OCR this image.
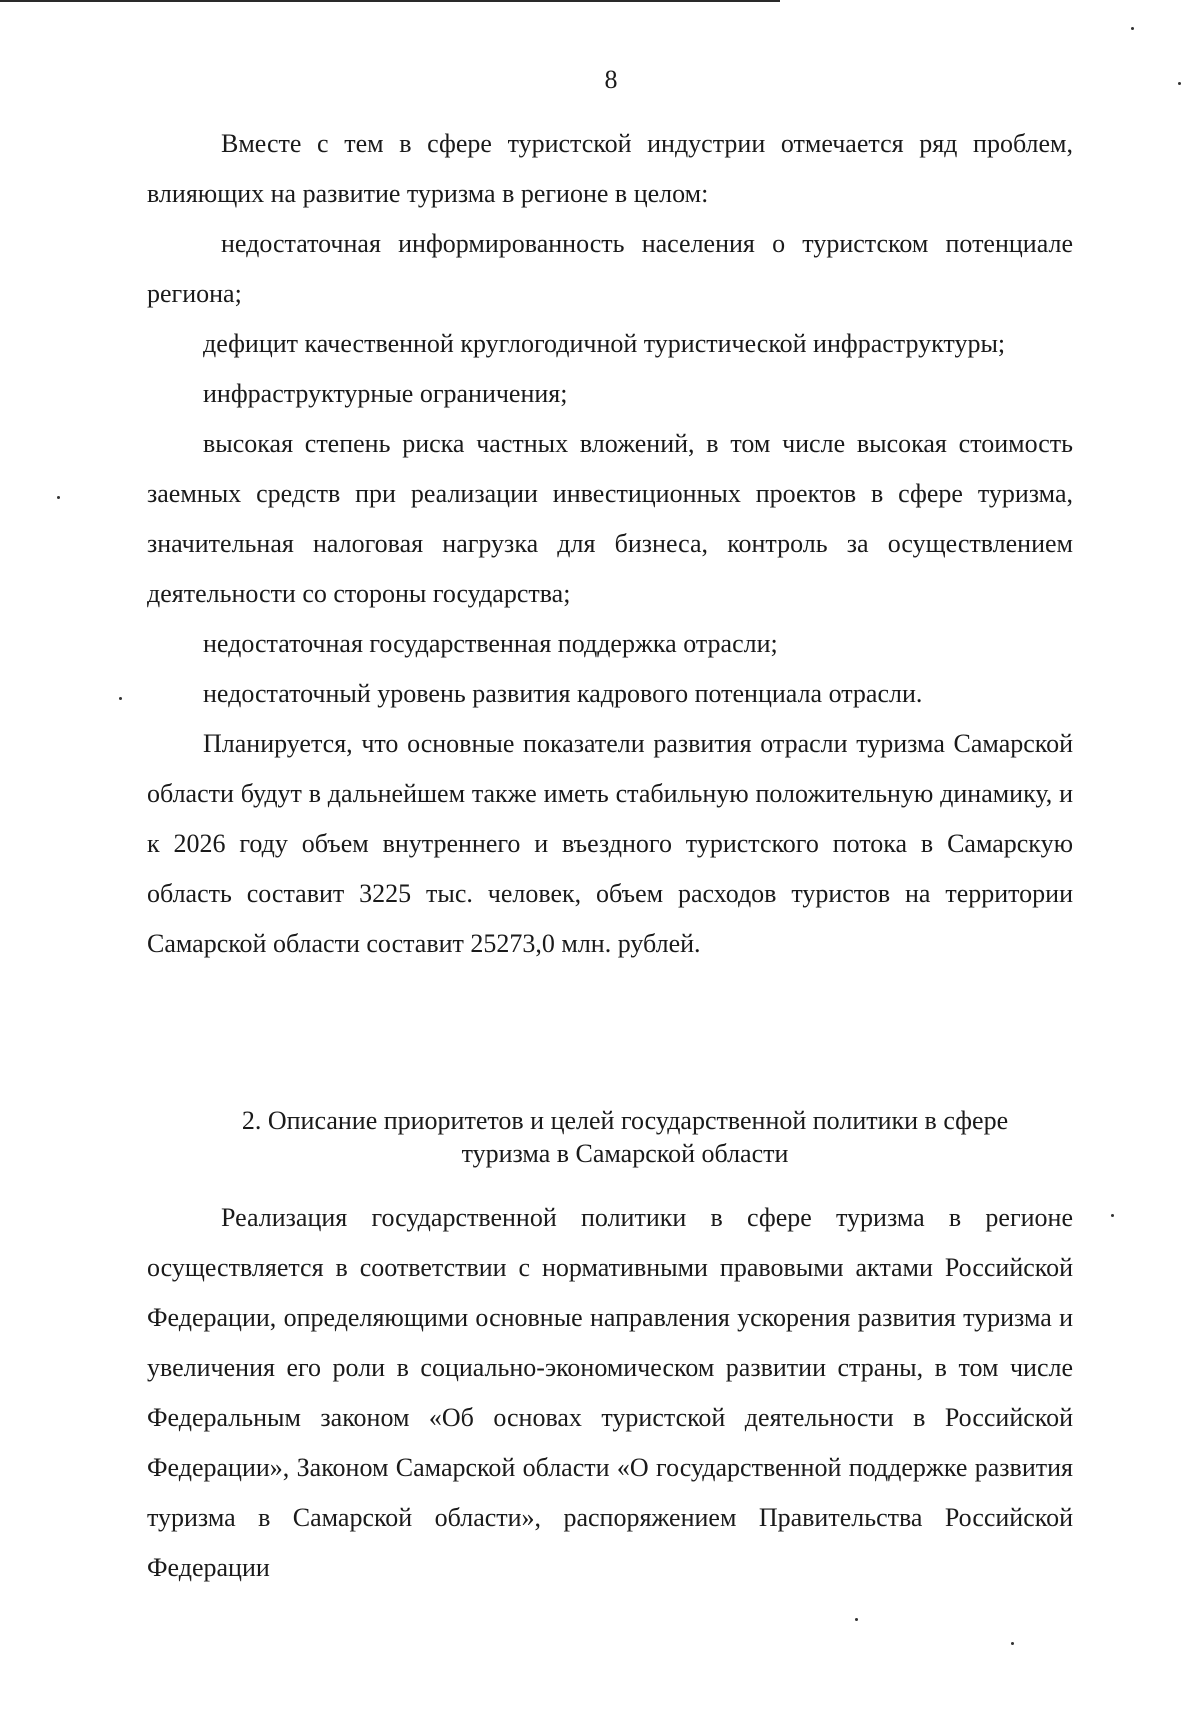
8

Вместе с тем в сфере туристской индустрии отмечается ряд проблем, влияющих на развитие туризма в регионе в целом:

недостаточная информированность населения о туристском потенциале региона;

дефицит качественной круглогодичной туристической инфраструктуры;

инфраструктурные ограничения;

высокая степень риска частных вложений, в том числе высокая стоимость заемных средств при реализации инвестиционных проектов в сфере туризма, значительная налоговая нагрузка для бизнеса, контроль за осуществлением деятельности со стороны государства;

недостаточная государственная поддержка отрасли;

недостаточный уровень развития кадрового потенциала отрасли.

Планируется, что основные показатели развития отрасли туризма Самарской области будут в дальнейшем также иметь стабильную положительную динамику, и к 2026 году объем внутреннего и въездного туристского потока в Самарскую область составит 3225 тыс. человек, объем расходов туристов на территории Самарской области составит 25273,0 млн. рублей.

2. Описание приоритетов и целей государственной политики в сфере
туризма в Самарской области

Реализация государственной политики в сфере туризма в регионе осуществляется в соответствии с нормативными правовыми актами Российской Федерации, определяющими основные направления ускорения развития туризма и увеличения его роли в социально-экономическом развитии страны, в том числе Федеральным законом «Об основах туристской деятельности в Российской Федерации», Законом Самарской области «О государственной поддержке развития туризма в Самарской области», распоряжением Правительства Российской Федерации
